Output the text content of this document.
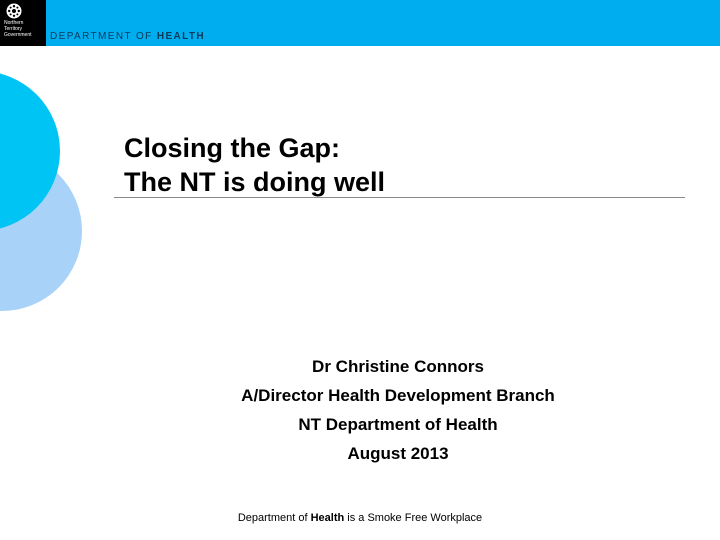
Northern
Territory
Government	DEPARTMENT OF HEALTH
Closing the Gap:
The NT is doing well
Dr Christine Connors
A/Director Health Development Branch
NT Department of Health
August 2013
Department of Health is a Smoke Free Workplace
